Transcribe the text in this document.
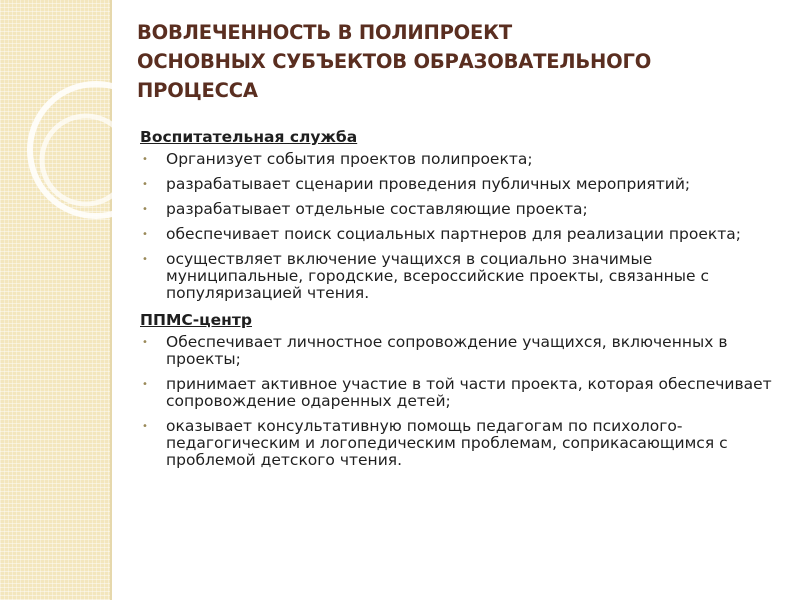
ВОВЛЕЧЕННОСТЬ В ПОЛИПРОЕКТ
ОСНОВНЫХ СУБЪЕКТОВ ОБРАЗОВАТЕЛЬНОГО
ПРОЦЕССА
Воспитательная служба
• Организует события проектов полипроекта;
• разрабатывает сценарии проведения публичных мероприятий;
• разрабатывает отдельные составляющие проекта;
• обеспечивает поиск социальных партнеров для реализации проекта;
• осуществляет включение учащихся в социально значимые муниципальные, городские, всероссийские проекты, связанные с популяризацией чтения.
ППМС-центр
• Обеспечивает личностное сопровождение учащихся, включенных в проекты;
• принимает активное участие в той части проекта, которая обеспечивает сопровождение одаренных детей;
• оказывает консультативную помощь педагогам по психолого-педагогическим и логопедическим проблемам, соприкасающимся с проблемой детского чтения.
